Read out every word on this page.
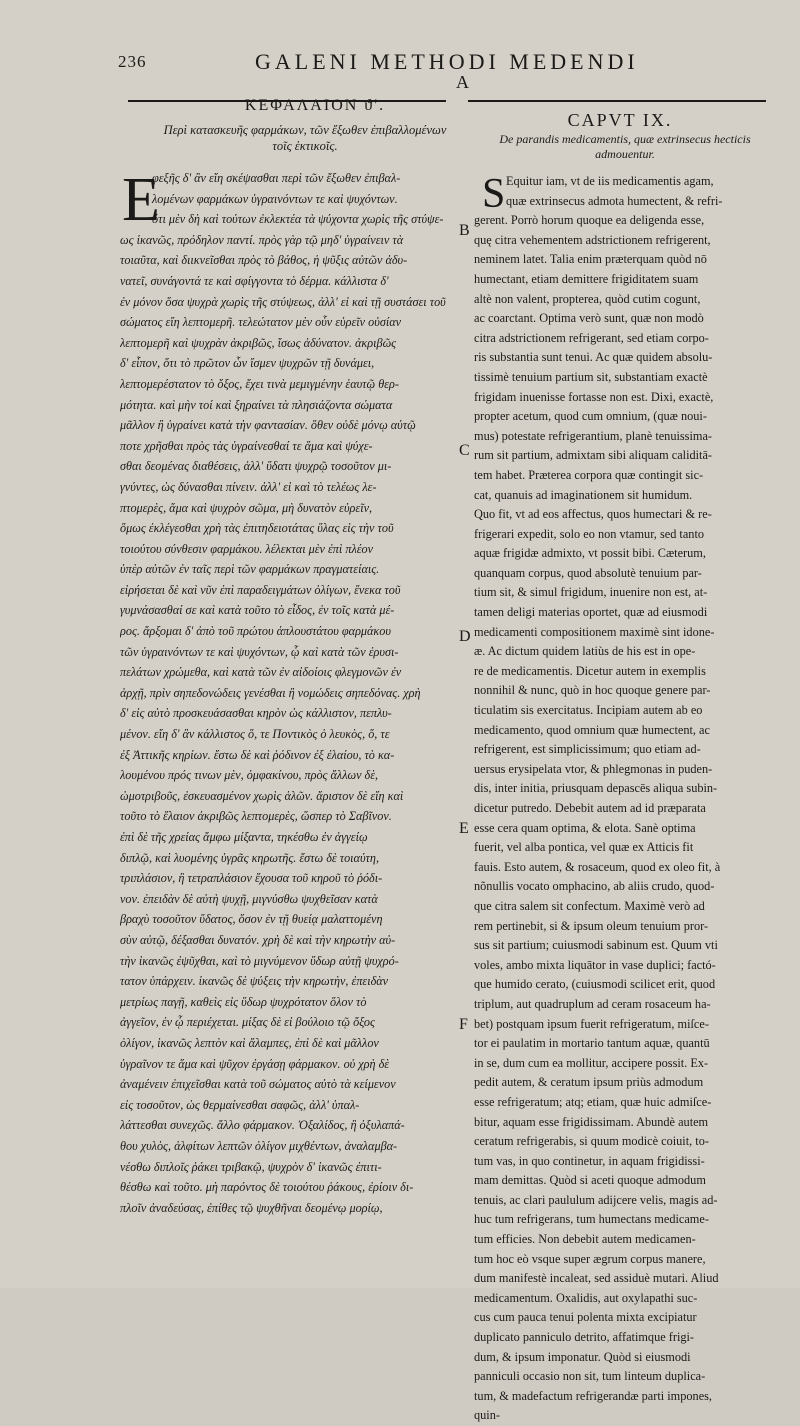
236	GALENI METHODI MEDENDI
A
ΚΕΦΑΛΑΙΟΝ ϑ'.
Περὶ κατασκευῆς φαρμάκων, τῶν ἔξωθεν ἐπιβαλλομένων
τοῖς ἑκτικοῖς.
CAPVT IX.
De parandis medicamentis, quæ extrinsecus hecticis
admouentur.
Ε
φεξῆς δ' ἂν εἴη σκέψασθαι περὶ τῶν ἔξωθεν ἐπιβαλ-
λομένων φαρμάκων ὑγραινόντων τε καὶ ψυχόντων.
ὅτι μὲν δὴ καὶ τούτων ἐκλεκτέα τὰ ψύχοντα χωρὶς τῆς στύψε-
ως ἱκανῶς, πρόδηλον παντί. πρὸς γὰρ τῷ μηδ' ὑγραίνειν τὰ
τοιαῦτα, καὶ διικνεῖσθαι πρὸς τὸ βάθος, ἡ ψῦξις αὐτῶν ἀδυ-
νατεῖ, συνάγοντά τε καὶ σφίγγοντα τὸ δέρμα. κάλλιστα δ'
ἐν μόνον ὅσα ψυχρὰ χωρὶς τῆς στύψεως, ἀλλ' εἰ καὶ τῇ συστάσει τοῦ
σώματος εἴη λεπτομερῆ. τελεώτατον μὲν οὖν εὑρεῖν οὐσίαν
λεπτομερῆ καὶ ψυχρὰν ἀκριβῶς, ἴσως ἀδύνατον. ἀκριβῶς
δ' εἶπον, ὅτι τὸ πρῶτον ὧν ἴσμεν ψυχρῶν τῇ δυνάμει,
λεπτομερέστατον τὸ ὄξος, ἔχει τινὰ μεμιγμένην ἑαυτῷ θερ-
μότητα. καὶ μὴν τοί καὶ ξηραίνει τὰ πλησιάζοντα σώματα
μᾶλλον ἢ ὑγραίνει κατὰ τὴν φαντασίαν. ὅθεν οὐδὲ μόνῳ αὐτῷ
ποτε χρῆσθαι πρὸς τὰς ὑγραίνεσθαί τε ἅμα καὶ ψύχε-
σθαι δεομένας διαθέσεις, ἀλλ' ὕδατι ψυχρῷ τοσοῦτον μι-
γνύντες, ὡς δύνασθαι πίνειν. ἀλλ' εἰ καὶ τὸ τελέως λε-
πτομερὲς, ἅμα καὶ ψυχρὸν σῶμα, μὴ δυνατὸν εὑρεῖν,
ὅμως ἐκλέγεσθαι χρὴ τὰς ἐπιτηδειοτάτας ὕλας εἰς τὴν τοῦ
τοιούτου σύνθεσιν φαρμάκου. λέλεκται μὲν ἐπὶ πλέον
ὑπὲρ αὐτῶν ἐν ταῖς περὶ τῶν φαρμάκων πραγματείαις.
εἰρήσεται δὲ καὶ νῦν ἐπὶ παραδειγμάτων ὀλίγων, ἕνεκα τοῦ
γυμνάσασθαί σε καὶ κατὰ τοῦτο τὸ εἶδος, ἐν τοῖς κατὰ μέ-
ρος. ἄρξομαι δ' ἀπὸ τοῦ πρώτου ἁπλουστάτου φαρμάκου
τῶν ὑγραινόντων τε καὶ ψυχόντων, ᾧ καὶ κατὰ τῶν ἐρυσι-
πελάτων χρώμεθα, καὶ κατὰ τῶν ἐν αἰδοίοις φλεγμονῶν ἐν
ἀρχῇ, πρὶν σηπεδονώδεις γενέσθαι ἢ νομώδεις σηπεδόνας. χρὴ
δ' εἰς αὐτὸ προσκευάσασθαι κηρὸν ὡς κάλλιστον, πεπλυ-
μένον. εἴη δ' ἂν κάλλιστος ὅ, τε Ποντικὸς ὁ λευκὸς, ὅ, τε
ἐξ Ἀττικῆς κηρίων. ἔστω δὲ καὶ ῥόδινον ἐξ ἐλαίου, τὸ κα-
λουμένου πρός τινων μὲν, ὀμφακίνου, πρὸς ἄλλων δὲ,
ὠμοτριβοῦς, ἐσκευασμένον χωρὶς ἁλῶν. ἄριστον δὲ εἴη καὶ
τοῦτο τὸ ἔλαιον ἀκριβῶς λεπτομερὲς, ὥσπερ τὸ Σαβῖνον.
ἐπὶ δὲ τῆς χρείας ἄμφω μίξαντα, τηκέσθω ἐν ἀγγείῳ
διπλῷ, καὶ λυομένης ὑγρᾶς κηρωτῆς. ἔστω δὲ τοιαύτη,
τριπλάσιον, ἢ τετραπλάσιον ἔχουσα τοῦ κηροῦ τὸ ῥόδι-
νον. ἐπειδὰν δὲ αὐτὴ ψυχῇ, μιγνύσθω ψυχθεῖσαν κατὰ
βραχὺ τοσοῦτον ὕδατος, ὅσον ἐν τῇ θυείᾳ μαλαττομένη
σὺν αὐτῷ, δέξασθαι δυνατόν. χρὴ δὲ καὶ τὴν κηρωτὴν αὐ-
τὴν ἱκανῶς ἐψῦχθαι, καὶ τὸ μιγνύμενον ὕδωρ αὐτῇ ψυχρό-
τατον ὑπάρχειν. ἱκανῶς δὲ ψύξεις τὴν κηρωτὴν, ἐπειδὰν
μετρίως παγῇ, καθεὶς εἰς ὕδωρ ψυχρότατον ὅλον τὸ
ἀγγεῖον, ἐν ᾧ περιέχεται. μίξας δὲ εἰ βούλοιο τῷ ὄξος
ὀλίγον, ἱκανῶς λεπτὸν καὶ ἄλαμπες, ἐπὶ δὲ καὶ μᾶλλον
ὑγραῖνον τε ἅμα καὶ ψῦχον ἐργάσῃ φάρμακον. οὐ χρὴ δὲ
ἀναμένειν ἐπιχεῖσθαι κατὰ τοῦ σώματος αὐτὸ τὰ κείμενον
εἰς τοσοῦτον, ὡς θερμαίνεσθαι σαφῶς, ἀλλ' ὑπαλ-
λάττεσθαι συνεχῶς. ἄλλο φάρμακον. Ὀξαλίδος, ἢ ὀξυλαπά-
θου χυλὸς, ἀλφίτων λεπτῶν ὀλίγον μιχθέντων, ἀναλαμβα-
νέσθω διπλοῖς ῥάκει τριβακῷ, ψυχρὸν δ' ἱκανῶς ἐπιτι-
θέσθω καὶ τοῦτο. μὴ παρόντος δὲ τοιούτου ῥάκους, ἐρίοιν δι-
πλοῖν ἀναδεύσας, ἐπίθες τῷ ψυχθῆναι δεομένῳ μορίῳ,
S Equitur iam, vt de iis medicamentis agam,
quæ extrinsecus admota humectent, & refri-
gerent. Porrò horum quoque ea deligenda esse,
quę citra vehementem adstrictionem refrigerent,
neminem latet. Talia enim præterquam quòd nō
humectant, etiam demittere frigiditatem suam
altè non valent, propterea, quòd cutim cogunt,
ac coarctant. Optima verò sunt, quæ non modò
citra adstrictionem refrigerant, sed etiam corpo-
ris substantia sunt tenui. Ac quæ quidem absolu-
tissimè tenuium partium sit, substantiam exactè
frigidam inuenisse fortasse non est. Dixi, exactè,
propter acetum, quod cum omnium, (quæ noui-
mus) potestate refrigerantium, planè tenuissima-
rum sit partium, admixtam sibi aliquam caliditā-
tem habet. Præterea corpora quæ contingit sic-
cat, quanuis ad imaginationem sit humidum.
Quo fit, vt ad eos affectus, quos humectari & re-
frigerari expedit, solo eo non vtamur, sed tanto
aquæ frigidæ admixto, vt possit bibi. Cæterum,
quanquam corpus, quod absolutè tenuium par-
tium sit, & simul frigidum, inuenire non est, at-
tamen deligi materias oportet, quæ ad eiusmodi
medicamenti compositionem maximè sint idone-
æ. Ac dictum quidem latiùs de his est in ope-
re de medicamentis. Dicetur autem in exemplis
nonnihil & nunc, quò in hoc quoque genere par-
ticulatim sis exercitatus. Incipiam autem ab eo
medicamento, quod omnium quæ humectent, ac
refrigerent, est simplicissimum; quo etiam ad-
uersus erysipelata vtor, & phlegmonas in puden-
dis, inter initia, priusquam depascēs aliqua subin-
dicetur putredo. Debebit autem ad id præparata
esse cera quam optima, & elota. Sanè optima
fuerit, vel alba pontica, vel quæ ex Atticis fit
fauis. Esto autem, & rosaceum, quod ex oleo fit, à
nõnullis vocato omphacino, ab aliis crudo, quod-
que citra salem sit confectum. Maximè verò ad
rem pertinebit, si & ipsum oleum tenuium pror-
sus sit partium; cuiusmodi sabinum est. Quum vti
voles, ambo mixta liquātor in vase duplici; factó-
que humido cerato, (cuiusmodi scilicet erit, quod
triplum, aut quadruplum ad ceram rosaceum ha-
bet) postquam ipsum fuerit refrigeratum, miſce-
tor ei paulatim in mortario tantum aquæ, quantū
in se, dum cum ea mollitur, accipere possit. Ex-
pedit autem, & ceratum ipsum priùs admodum
esse refrigeratum; atq; etiam, quæ huic admiſce-
bitur, aquam esse frigidissimam. Abundè autem
ceratum refrigerabis, si quum modicè coiuit, to-
tum vas, in quo continetur, in aquam frigidissi-
mam demittas. Quòd si aceti quoque admodum
tenuis, ac clari paululum adijcere velis, magis ad-
huc tum refrigerans, tum humectans medicame-
tum efficies. Non debebit autem medicamen-
tum hoc eò vsque super ægrum corpus manere,
dum manifestè incaleat, sed assiduè mutari. Aliud
medicamentum. Oxalidis, aut oxylapathi suc-
cus cum pauca tenui polenta mixta excipiatur
duplicato panniculo detrito, affatimque frigi-
dum, & ipsum imponatur. Quòd si eiusmodi
panniculi occasio non sit, tum linteum duplica-
tum, & madefactum refrigerandæ parti impones,
quin-
B
C
D
E
F
